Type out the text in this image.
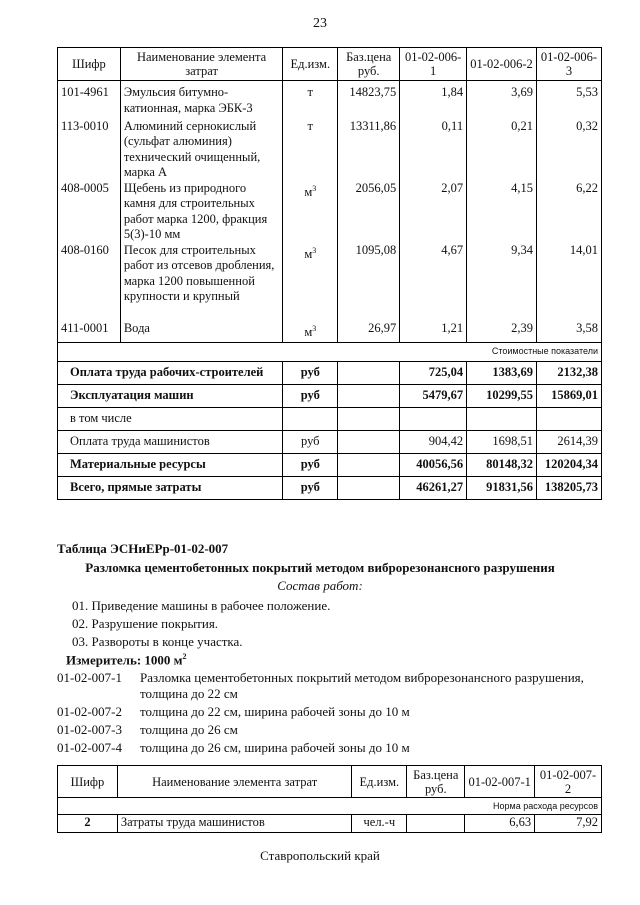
23
Шифр	Наименование элемента затрат	Ед.изм.	Баз.цена руб.	01-02-006-1	01-02-006-2	01-02-006-3
101-4961	Эмульсия битумно-катионная, марка ЭБК-3	т	14823,75	1,84	3,69	5,53
113-0010	Алюминий сернокислый (сульфат алюминия) технический очищенный, марка А	т	13311,86	0,11	0,21	0,32
408-0005	Щебень из природного камня для строительных работ марка 1200, фракция 5(3)-10 мм	$м^3$	2056,05	2,07	4,15	6,22
408-0160	Песок для строительных работ из отсевов дробления, марка 1200 повышенной крупности и крупный	$м^3$	1095,08	4,67	9,34	14,01
411-0001	Вода	$м^3$	26,97	1,21	2,39	3,58
Стоимостные показатели						
Оплата труда рабочих-строителей		руб		725,04	1383,69	2132,38
Эксплуатация машин		руб		5479,67	10299,55	15869,01
в том числе						
Оплата труда машинистов		руб		904,42	1698,51	2614,39
Материальные ресурсы		руб		40056,56	80148,32	120204,34
Всего, прямые затраты		руб		46261,27	91831,56	138205,73
Таблица ЭСНиЕРр-01-02-007
Разломка цементобетонных покрытий методом виброрезонансного разрушения
Состав работ:
01. Приведение машины в рабочее положение.
02. Разрушение покрытия.
03. Развороты в конце участка.
Измеритель: 1000 $м^2$
01-02-007-1 Разломка цементобетонных покрытий методом виброрезонансного разрушения,
толщина до 22 см
01-02-007-2 толщина до 22 см, ширина рабочей зоны до 10 м
01-02-007-3 толщина до 26 см
01-02-007-4 толщина до 26 см, ширина рабочей зоны до 10 м
Шифр	Наименование элемента затрат	Ед.изм.	Баз.цена руб.	01-02-007-1	01-02-007-2
Норма расхода ресурсов					
2	Затраты труда машинистов	чел.-ч		6,63	7,92
Ставропольский край
